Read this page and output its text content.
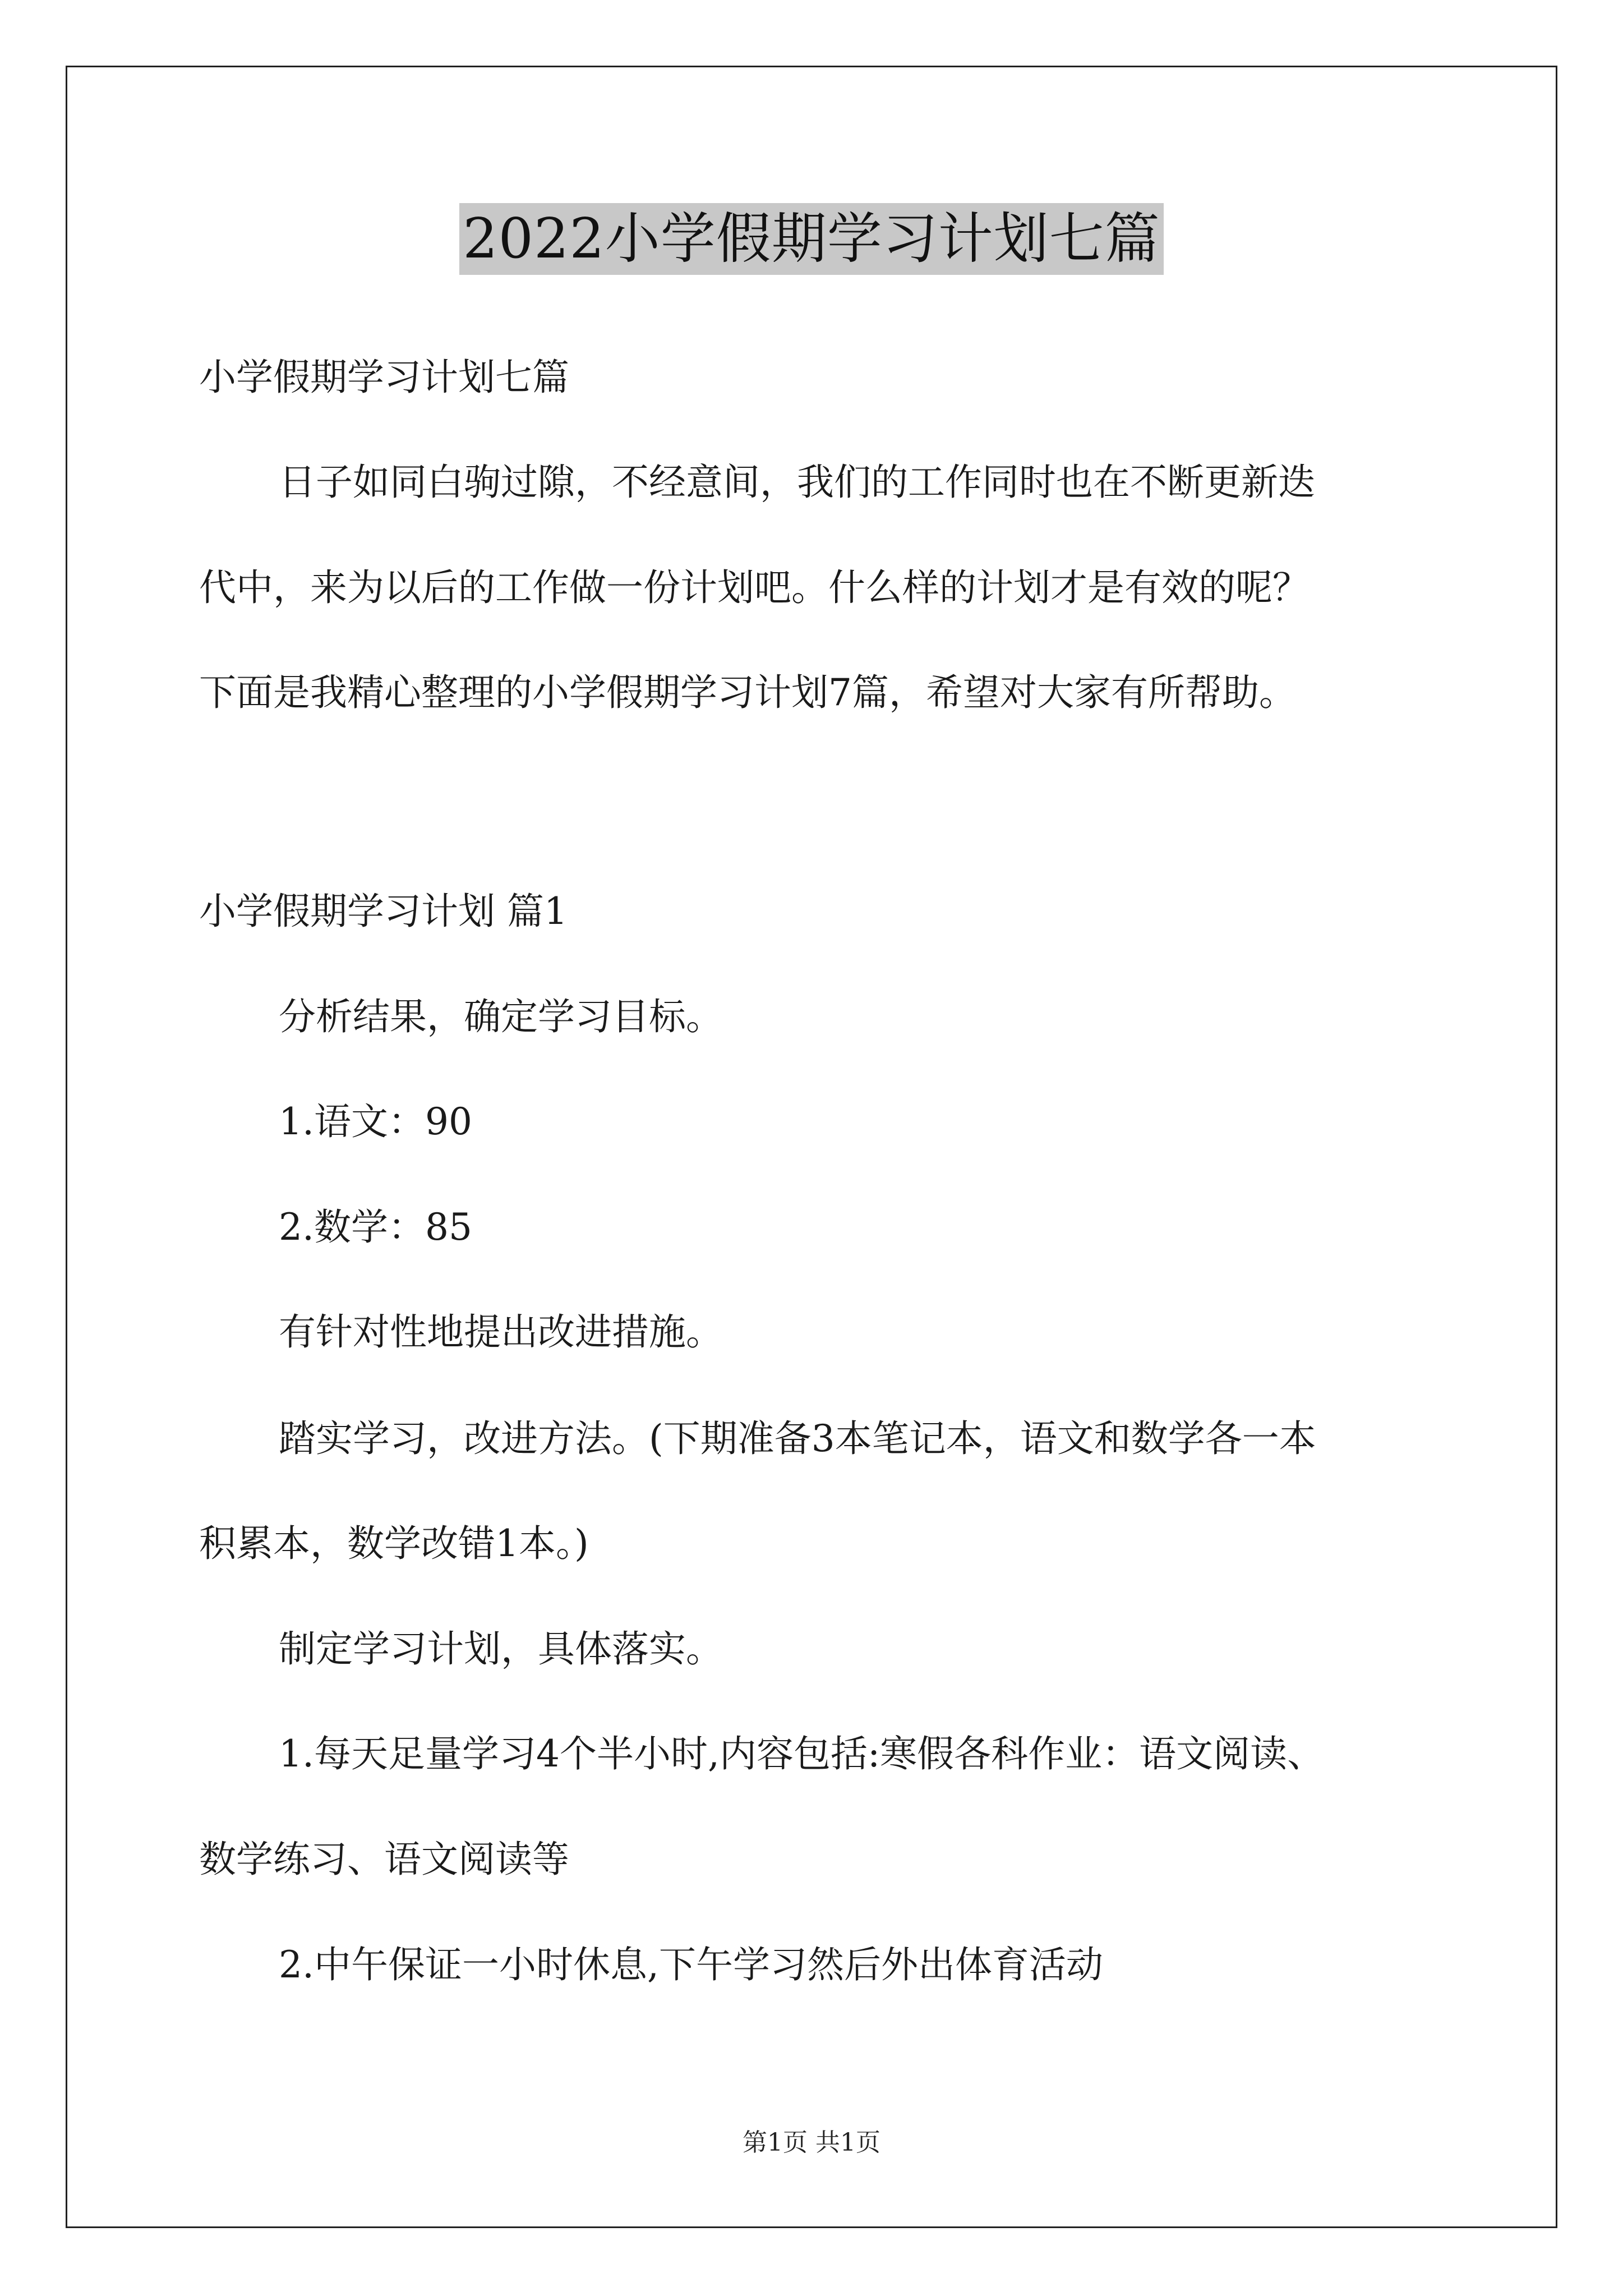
2022小学假期学习计划七篇
小学假期学习计划七篇
日子如同白驹过隙，不经意间，我们的工作同时也在不断更新迭
代中，来为以后的工作做一份计划吧。什么样的计划才是有效的呢？
下面是我精心整理的小学假期学习计划7篇，希望对大家有所帮助。
小学假期学习计划 篇1
分析结果，确定学习目标。
1.语文：90
2.数学：85
有针对性地提出改进措施。
踏实学习，改进方法。(下期准备3本笔记本，语文和数学各一本
积累本，数学改错1本。)
制定学习计划，具体落实。
1.每天足量学习4个半小时,内容包括:寒假各科作业：语文阅读、
数学练习、语文阅读等
2.中午保证一小时休息,下午学习然后外出体育活动
第1页 共1页
